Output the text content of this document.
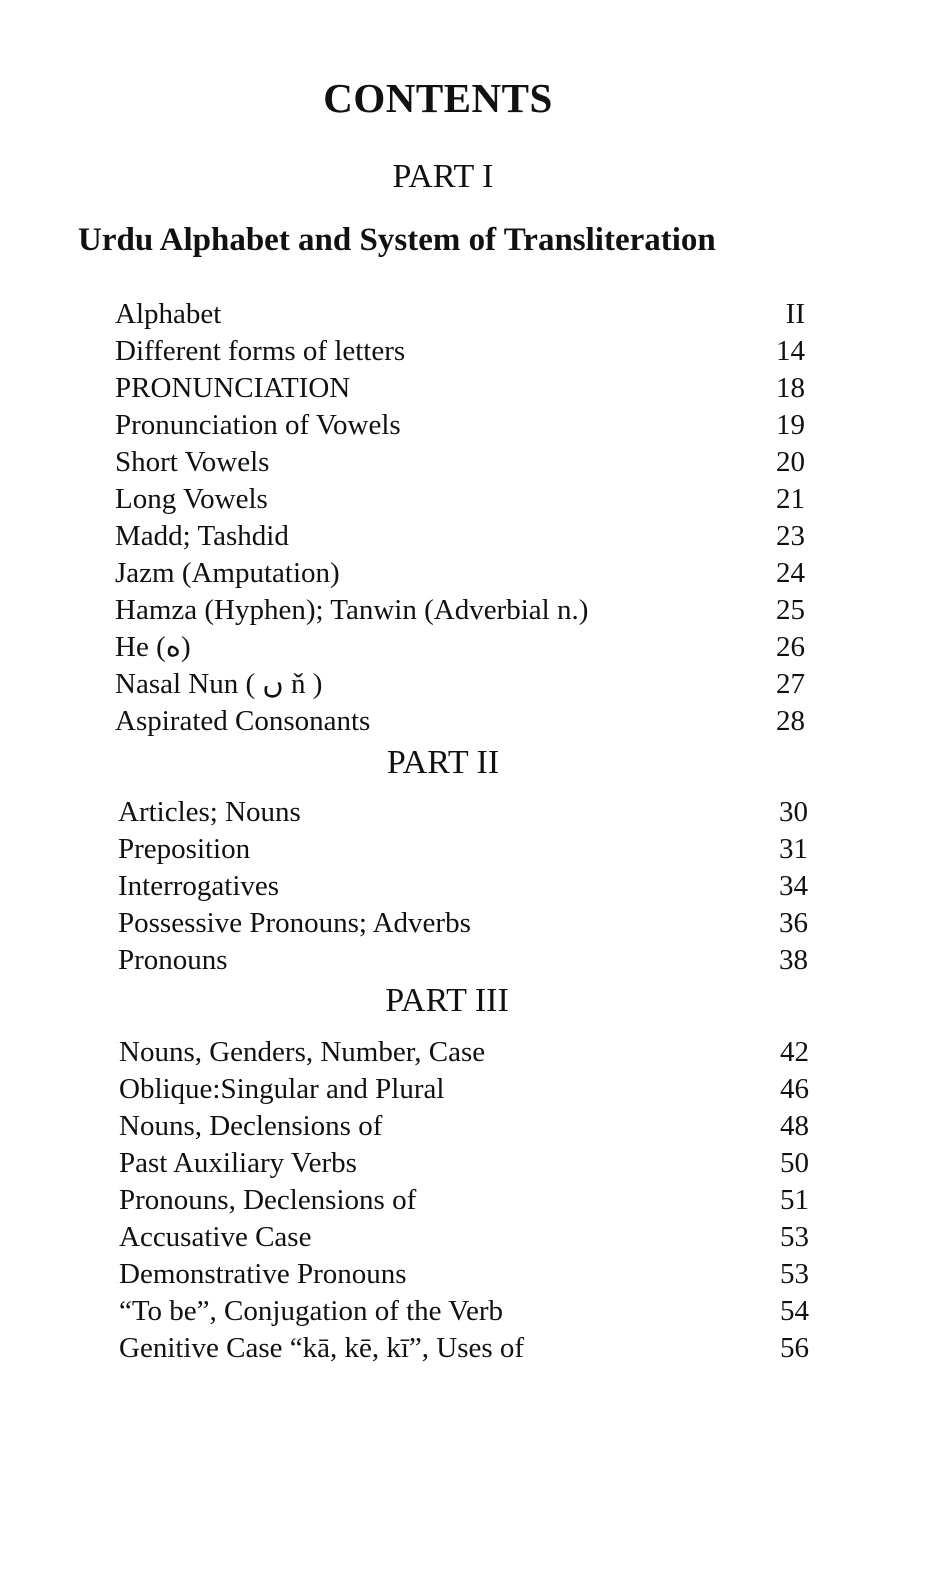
CONTENTS
PART I
Urdu Alphabet and System of Transliteration
Alphabet	II
Different forms of letters	14
PRONUNCIATION	18
Pronunciation of Vowels	19
Short Vowels	20
Long Vowels	21
Madd; Tashdid	23
Jazm (Amputation)	24
Hamza (Hyphen); Tanwin (Adverbial n.)	25
He (ه)	26
Nasal Nun ( ں ň )	27
Aspirated Consonants	28
PART II
Articles; Nouns	30
Preposition	31
Interrogatives	34
Possessive Pronouns; Adverbs	36
Pronouns	38
PART III
Nouns, Genders, Number, Case	42
Oblique:Singular and Plural	46
Nouns, Declensions of	48
Past Auxiliary Verbs	50
Pronouns, Declensions of	51
Accusative Case	53
Demonstrative Pronouns	53
“To be”, Conjugation of the Verb	54
Genitive Case “kā, kē, kī”, Uses of	56
